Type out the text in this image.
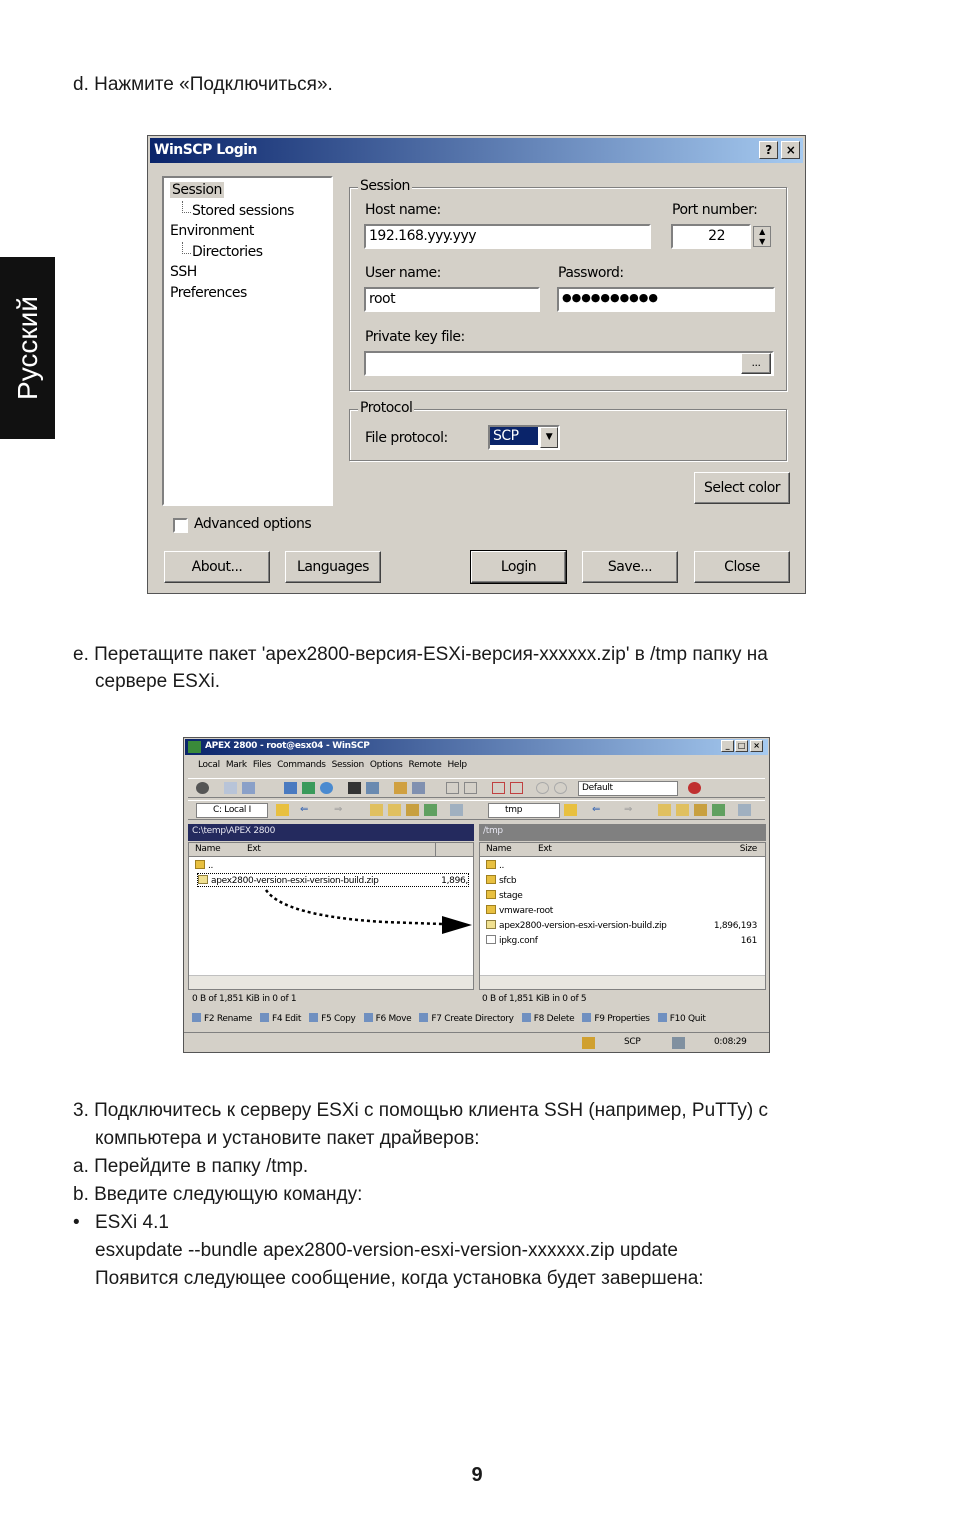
Русский
d. Нажмите «Подключиться».
WinSCP Login	?	×
Session
Stored sessions
Environment
Directories
SSH
Preferences
Session
Host name:
192.168.yyy.yyy
Port number:
22	▲
▼
User name:
root
Password:
●●●●●●●●●●
Private key file:
...
Protocol
File protocol:	SCP	▼
Select color
Advanced options
About...	Languages	Login	Save...	Close
e. Перетащите пакет 'apex2800-версия-ESXi-версия-xxxxxx.zip' в /tmp папку на
сервере ESXi.
APEX 2800 - root@esx04 - WinSCP	_	□	×
Local Mark Files Commands Session Options Remote Help
Default
C: Local I	⇐	⇒	tmp	⇐	⇒
C:\temp\APEX 2800	/tmp
Name	Ext
..
apex2800-version-esxi-version-build.zip	1,896,
Name	Ext	Size
..
sfcb
stage
vmware-root
apex2800-version-esxi-version-build.zip	1,896,193
ipkg.conf	161
0 B of 1,851 KiB in 0 of 1	0 B of 1,851 KiB in 0 of 5
F2 Rename	F4 Edit	F5 Copy	F6 Move	F7 Create Directory	F8 Delete	F9 Properties	F10 Quit
SCP	0:08:29
3. Подключитесь к серверу ESXi с помощью клиента SSH (например, PuTTy) с
компьютера и установите пакет драйверов:
a. Перейдите в папку /tmp.
b. Введите следующую команду:
• ESXi 4.1
esxupdate --bundle apex2800-version-esxi-version-xxxxxx.zip update
Появится следующее сообщение, когда установка будет завершена:
9
